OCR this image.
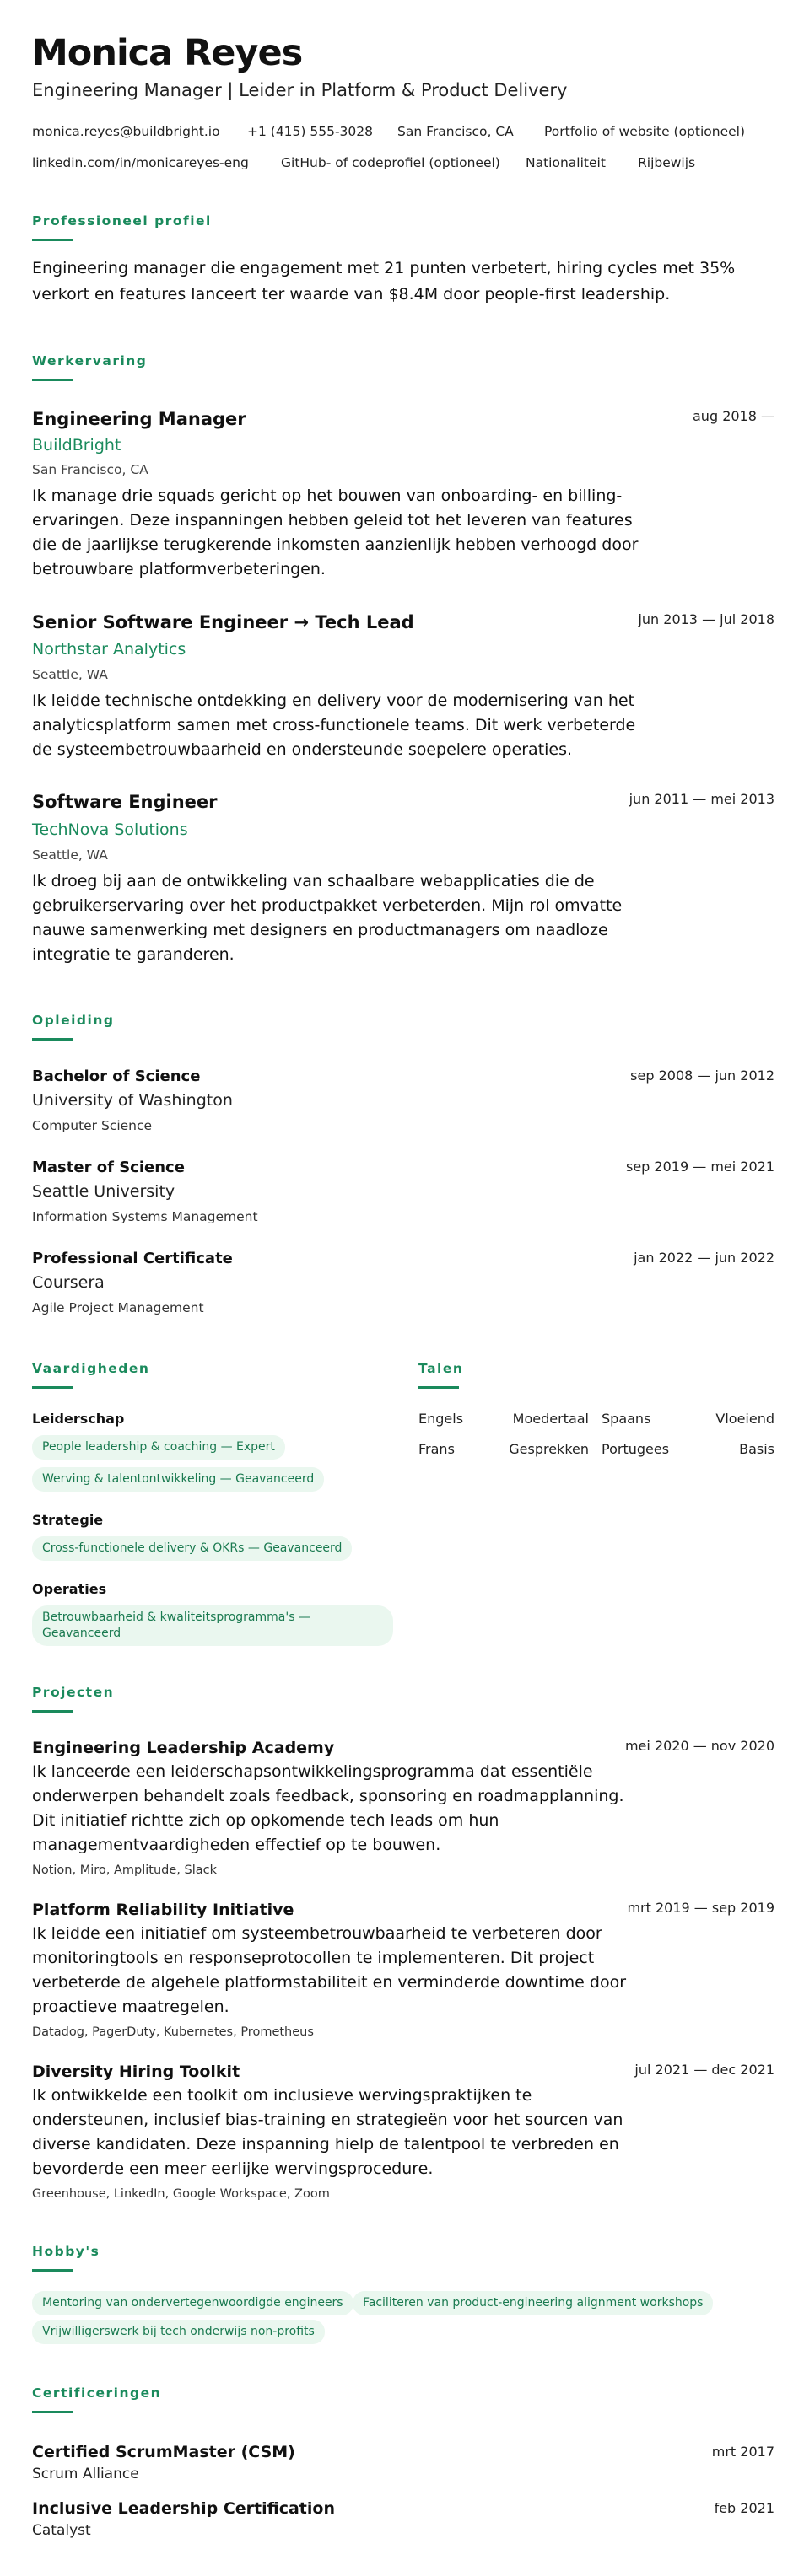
Monica Reyes
Engineering Manager | Leider in Platform & Product Delivery
monica.reyes@buildbright.io +1 (415) 555-3028 San Francisco, CA Portfolio of website (optioneel)
linkedin.com/in/monicareyes-eng GitHub- of codeprofiel (optioneel) Nationaliteit Rijbewijs
Professioneel profiel
Engineering manager die engagement met 21 punten verbetert, hiring cycles met 35% verkort en features lanceert ter waarde van $8.4M door people-first leadership.
Werkervaring
Engineering Manager	aug 2018 —
BuildBright
San Francisco, CA
Ik manage drie squads gericht op het bouwen van onboarding- en billing-ervaringen. Deze inspanningen hebben geleid tot het leveren van features die de jaarlijkse terugkerende inkomsten aanzienlijk hebben verhoogd door betrouwbare platformverbeteringen.
Senior Software Engineer → Tech Lead	jun 2013 — jul 2018
Northstar Analytics
Seattle, WA
Ik leidde technische ontdekking en delivery voor de modernisering van het analyticsplatform samen met cross-functionele teams. Dit werk verbeterde de systeembetrouwbaarheid en ondersteunde soepelere operaties.
Software Engineer	jun 2011 — mei 2013
TechNova Solutions
Seattle, WA
Ik droeg bij aan de ontwikkeling van schaalbare webapplicaties die de gebruikerservaring over het productpakket verbeterden. Mijn rol omvatte nauwe samenwerking met designers en productmanagers om naadloze integratie te garanderen.
Opleiding
Bachelor of Science	sep 2008 — jun 2012
University of Washington
Computer Science
Master of Science	sep 2019 — mei 2021
Seattle University
Information Systems Management
Professional Certificate	jan 2022 — jun 2022
Coursera
Agile Project Management
Vaardigheden
Leiderschap
People leadership & coaching — Expert
Werving & talentontwikkeling — Geavanceerd
Strategie
Cross-functionele delivery & OKRs — Geavanceerd
Operaties
Betrouwbaarheid & kwaliteitsprogramma's — Geavanceerd
Talen
Engels	Moedertaal Spaans	Vloeiend
Frans	Gesprekken Portugees	Basis
Projecten
Engineering Leadership Academy	mei 2020 — nov 2020
Ik lanceerde een leiderschapsontwikkelingsprogramma dat essentiële onderwerpen behandelt zoals feedback, sponsoring en roadmapplanning. Dit initiatief richtte zich op opkomende tech leads om hun managementvaardigheden effectief op te bouwen.
Notion, Miro, Amplitude, Slack
Platform Reliability Initiative	mrt 2019 — sep 2019
Ik leidde een initiatief om systeembetrouwbaarheid te verbeteren door monitoringtools en responseprotocollen te implementeren. Dit project verbeterde de algehele platformstabiliteit en verminderde downtime door proactieve maatregelen.
Datadog, PagerDuty, Kubernetes, Prometheus
Diversity Hiring Toolkit	jul 2021 — dec 2021
Ik ontwikkelde een toolkit om inclusieve wervingspraktijken te ondersteunen, inclusief bias-training en strategieën voor het sourcen van diverse kandidaten. Deze inspanning hielp de talentpool te verbreden en bevorderde een meer eerlijke wervingsprocedure.
Greenhouse, LinkedIn, Google Workspace, Zoom
Hobby's
Mentoring van ondervertegenwoordigde engineers	Faciliteren van product-engineering alignment workshops
Vrijwilligerswerk bij tech onderwijs non-profits
Certificeringen
Certified ScrumMaster (CSM)	mrt 2017
Scrum Alliance
Inclusive Leadership Certification	feb 2021
Catalyst
